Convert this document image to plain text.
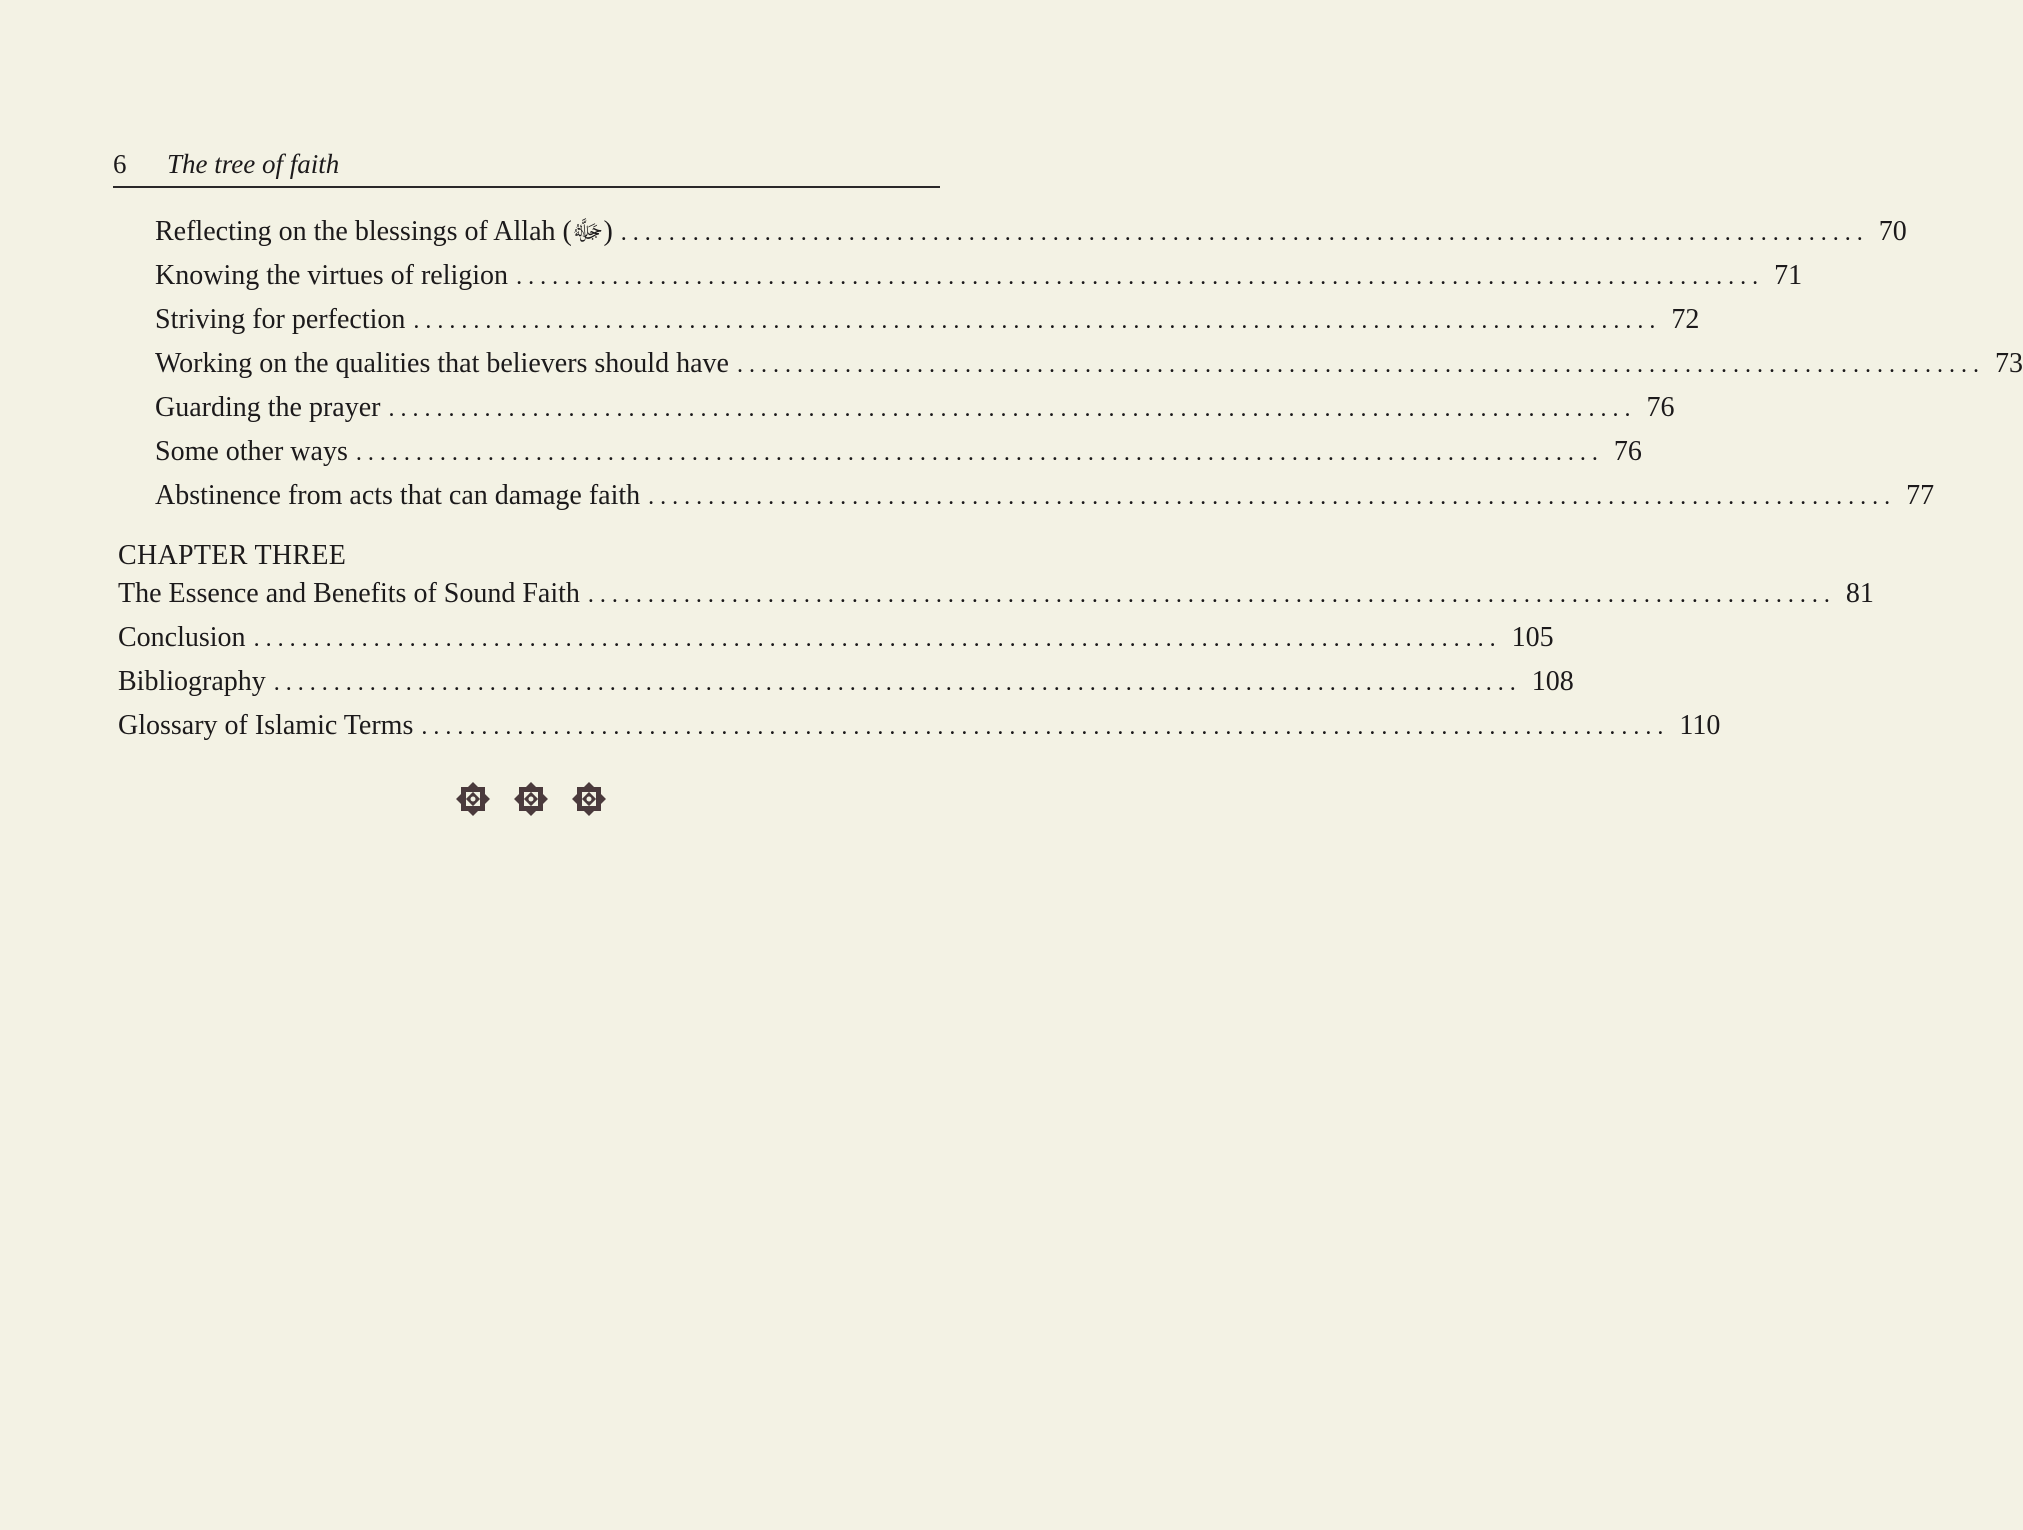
6 The tree of faith
Reflecting on the blessings of Allah (ﷻ) ........................................................................................................ 70
Knowing the virtues of religion ........................................................................................................ 71
Striving for perfection ........................................................................................................ 72
Working on the qualities that believers should have ........................................................................................................ 73
Guarding the prayer ........................................................................................................ 76
Some other ways ........................................................................................................ 76
Abstinence from acts that can damage faith ........................................................................................................ 77
CHAPTER THREE
The Essence and Benefits of Sound Faith ........................................................................................................ 81
Conclusion ........................................................................................................ 105
Bibliography ........................................................................................................ 108
Glossary of Islamic Terms ........................................................................................................ 110
